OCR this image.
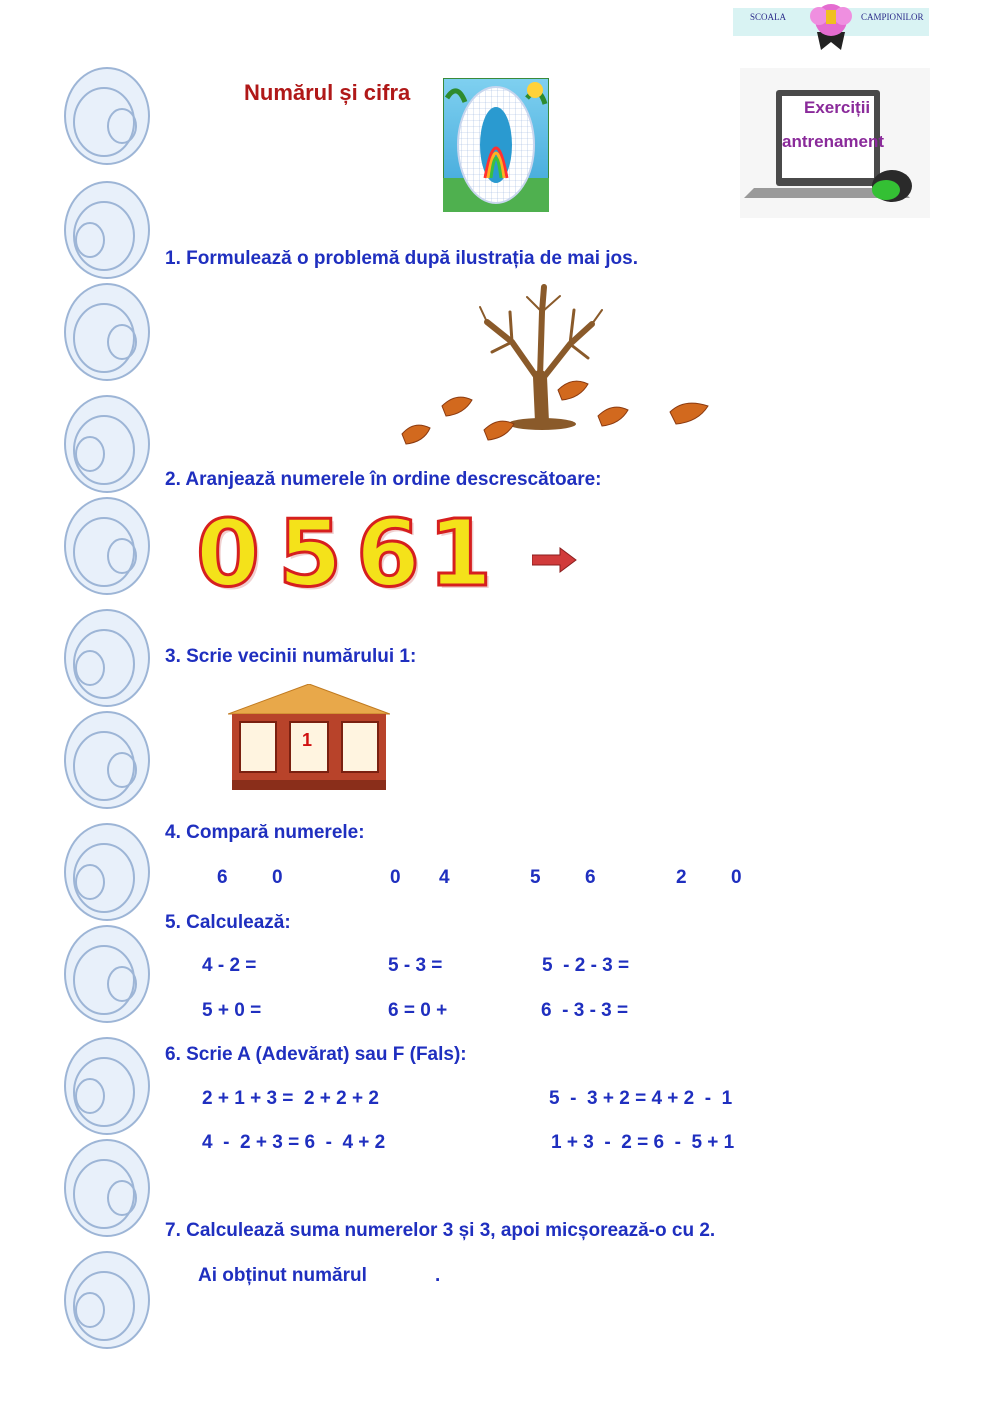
SCOALA	CAMPIONILOR
Numărul și cifra
Exerciții
antrenament
1. Formulează o problemă după ilustrația de mai jos.
2. Aranjează numerele în ordine descrescătoare:
0 5 6 1
3. Scrie vecinii numărului 1:
1
4. Compară numerele:
6 0	0 4	5 6	2 0
5. Calculează:
4 - 2 =	5 - 3 =	5  - 2 - 3 =
5 + 0 =	6 = 0 +	6  - 3 - 3 =
6. Scrie A (Adevărat) sau F (Fals):
2 + 1 + 3 =  2 + 2 + 2	5  -  3 + 2 = 4 + 2  -  1
4  -  2 + 3 = 6  -  4 + 2	1 + 3  -  2 = 6  -  5 + 1
7. Calculează suma numerelor 3 și 3, apoi micșorează-o cu 2.
Ai obținut numărul	.
